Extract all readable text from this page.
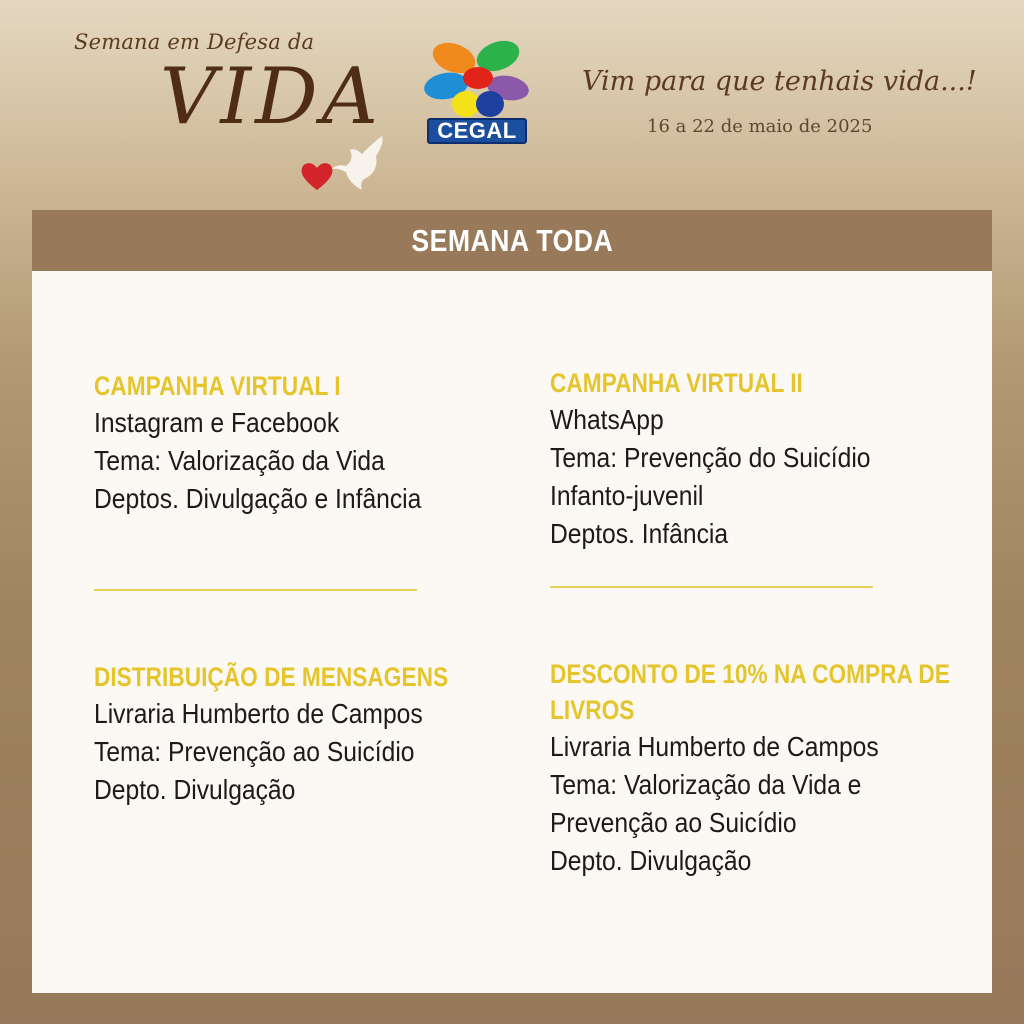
Semana em Defesa da
VIDA	CEGAL
Vim para que tenhais vida...!
16 a 22 de maio de 2025
SEMANA TODA
CAMPANHA VIRTUAL I
Instagram e Facebook
Tema: Valorização da Vida
Deptos. Divulgação e Infância
CAMPANHA VIRTUAL II
WhatsApp
Tema: Prevenção do Suicídio
Infanto-juvenil
Deptos. Infância
DISTRIBUIÇÃO DE MENSAGENS
Livraria Humberto de Campos
Tema: Prevenção ao Suicídio
Depto. Divulgação
DESCONTO DE 10% NA COMPRA DE
LIVROS
Livraria Humberto de Campos
Tema: Valorização da Vida e
Prevenção ao Suicídio
Depto. Divulgação
